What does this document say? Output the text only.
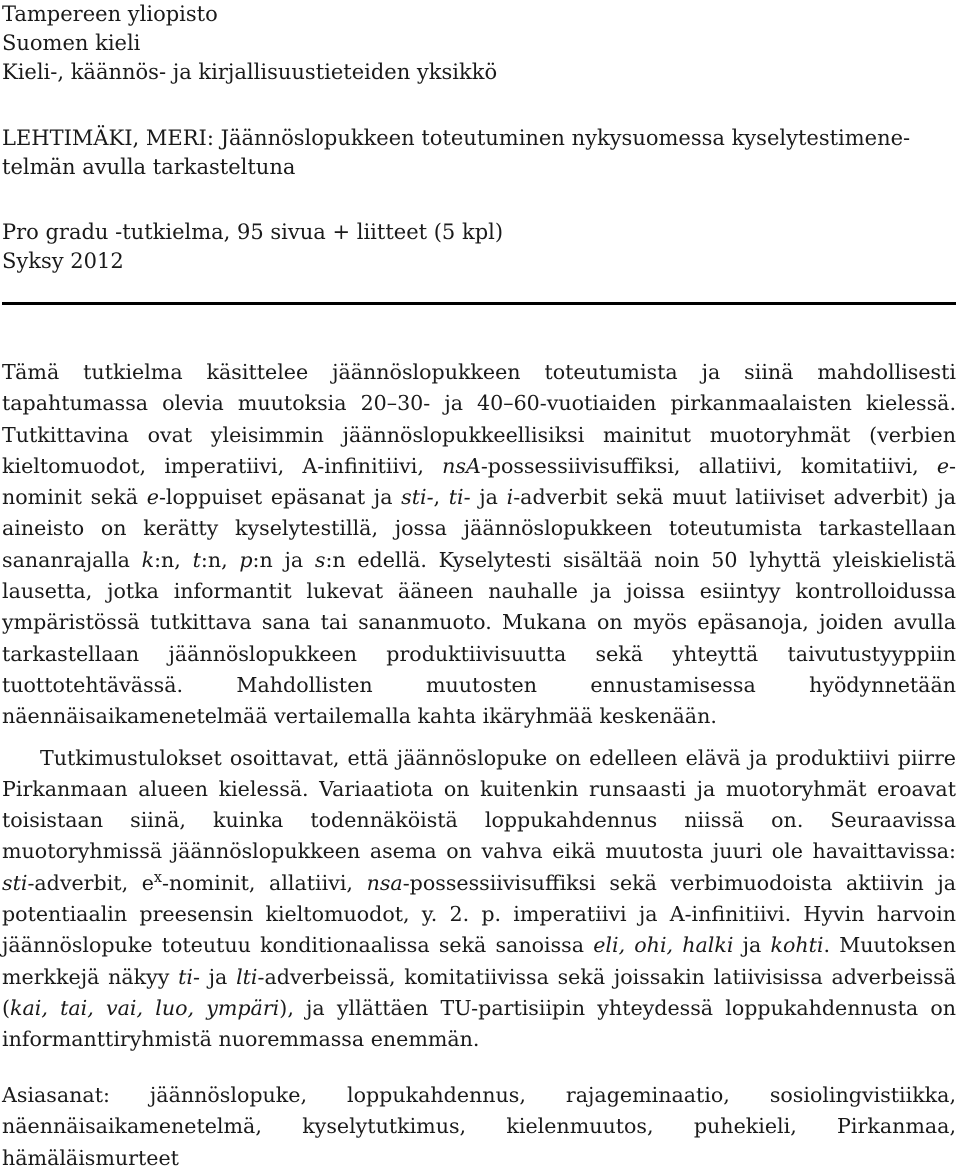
Tampereen yliopisto
Suomen kieli
Kieli-, käännös- ja kirjallisuustieteiden yksikkö
LEHTIMÄKI, MERI: Jäännöslopukkeen toteutuminen nykysuomessa kyselytestimene-
telmän avulla tarkasteltuna
Pro gradu -tutkielma, 95 sivua + liitteet (5 kpl)
Syksy 2012

Tämä tutkielma käsittelee jäännöslopukkeen toteutumista ja siinä mahdollisesti tapahtumassa olevia muutoksia 20–30- ja 40–60-vuotiaiden pirkanmaalaisten kielessä. Tutkittavina ovat yleisimmin jäännöslopukkeellisiksi mainitut muotoryhmät (verbien kieltomuodot, imperatiivi, A-infinitiivi, nsA-possessiivisuffiksi, allatiivi, komitatiivi, e-nominit sekä e-loppuiset epäsanat ja sti-, ti- ja i-adverbit sekä muut latiiviset adverbit) ja aineisto on kerätty kyselytestillä, jossa jäännöslopukkeen toteutumista tarkastellaan sananrajalla k:n, t:n, p:n ja s:n edellä. Kyselytesti sisältää noin 50 lyhyttä yleiskielistä lausetta, jotka informantit lukevat ääneen nauhalle ja joissa esiintyy kontrolloidussa ympäristössä tutkittava sana tai sananmuoto. Mukana on myös epäsanoja, joiden avulla tarkastellaan jäännöslopukkeen produktiivisuutta sekä yhteyttä taivutustyyppiin tuottotehtävässä. Mahdollisten muutosten ennustamisessa hyödynnetään näennäisaikamenetelmää vertailemalla kahta ikäryhmää keskenään.

Tutkimustulokset osoittavat, että jäännöslopuke on edelleen elävä ja produktiivi piirre Pirkanmaan alueen kielessä. Variaatiota on kuitenkin runsaasti ja muotoryhmät eroavat toisistaan siinä, kuinka todennäköistä loppukahdennus niissä on. Seuraavissa muotoryhmissä jäännöslopukkeen asema on vahva eikä muutosta juuri ole havaittavissa: sti-adverbit, $e^x$-nominit, allatiivi, nsa-possessiivisuffiksi sekä verbimuodoista aktiivin ja potentiaalin preesensin kieltomuodot, y. 2. p. imperatiivi ja A-infinitiivi. Hyvin harvoin jäännöslopuke toteutuu konditionaalissa sekä sanoissa eli, ohi, halki ja kohti. Muutoksen merkkejä näkyy ti- ja lti-adverbeissä, komitatiivissa sekä joissakin latiivisissa adverbeissä (kai, tai, vai, luo, ympäri), ja yllättäen TU-partisiipin yhteydessä loppukahdennusta on informanttiryhmistä nuoremmassa enemmän.

Asiasanat: jäännöslopuke, loppukahdennus, rajageminaatio, sosiolingvistiikka, näennäisaikamenetelmä, kyselytutkimus, kielenmuutos, puhekieli, Pirkanmaa, hämäläismurteet
